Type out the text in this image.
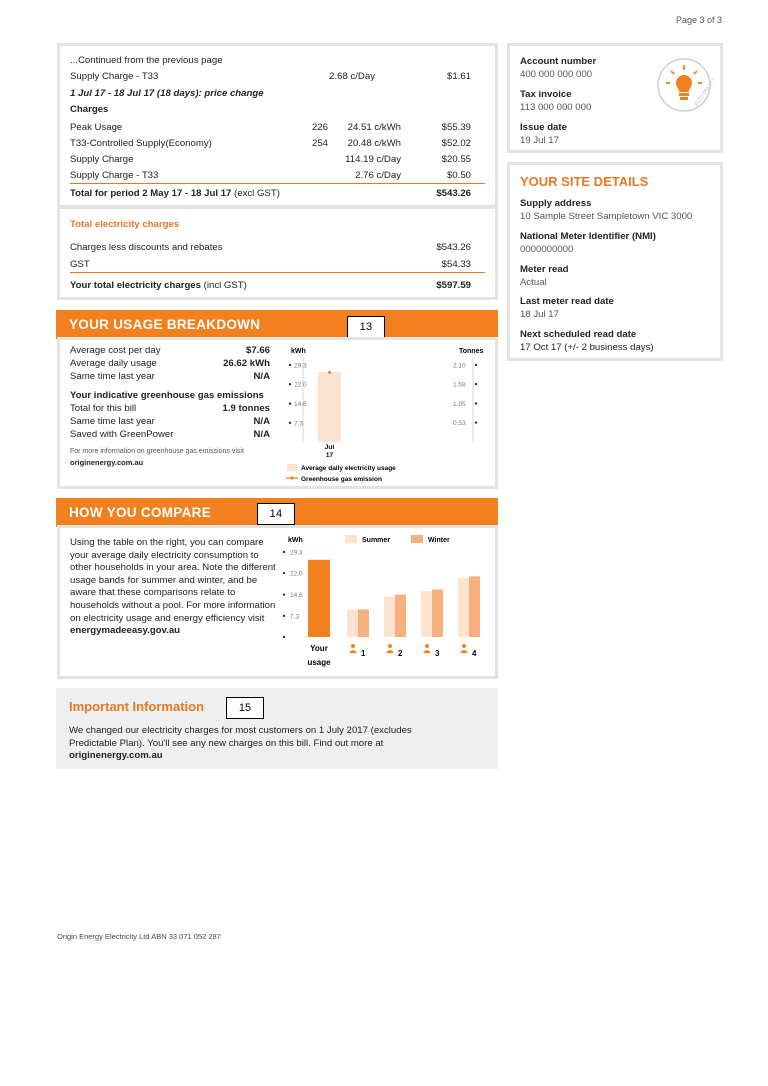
Page 3 of 3
...Continued from the previous page
Supply Charge - T33	2.68 c/Day	$1.61
1 Jul 17 - 18 Jul 17 (18 days): price change
Charges
Peak Usage	226 24.51 c/kWh	$55.39
T33-Controlled Supply(Economy)	254 20.48 c/kWh	$52.02
Supply Charge	114.19 c/Day	$20.55
Supply Charge - T33	2.76 c/Day	$0.50
Total for period 2 May 17 - 18 Jul 17 (excl GST)	$543.26
Total electricity charges
Charges less discounts and rebates	$543.26
GST	$54.33
Your total electricity charges (incl GST)	$597.59
Account number
400 000 000 000
Tax invoice
113 000 000 000
Issue date
19 Jul 17
ELECTRICITY
YOUR SITE DETAILS
Supply address
10 Sample Street Sampletown VIC 3000
National Meter Identifier (NMI)
0000000000
Meter read
Actual
Last meter read date
18 Jul 17
Next scheduled read date
17 Oct 17 (+/- 2 business days)
YOUR USAGE BREAKDOWN	13
Average cost per day	$7.66
Average daily usage	26.62 kWh
Same time last year	N/A
Your indicative greenhouse gas emissions
Total for this bill	1.9 tonnes
Same time last year	N/A
Saved with GreenPower	N/A
For more information on greenhouse gas emissions visit
originenergy.com.au
kWh	Tonnes
29.3
22.0
14.6
7.3
2.10
1.58
1.05
0.53
Jul
17
Average daily electricity usage
Greenhouse gas emission
HOW YOU COMPARE	14
Using the table on the right, you can compare your average daily electricity consumption to other households in your area. Note the different usage bands for summer and winter, and be aware that these comparisons relate to households without a pool. For more information on electricity usage and energy efficiency visit
energymadeeasy.gov.au
kWh	Summer	Winter
29.3
22.0
14.6
7.3
Your
usage
1	2	3	4
Important Information	15
We changed our electricity charges for most customers on 1 July 2017 (excludes Predictable Plan). You'll see any new charges on this bill. Find out more at
originenergy.com.au
Origin Energy Electricity Ltd ABN 33 071 052 287
